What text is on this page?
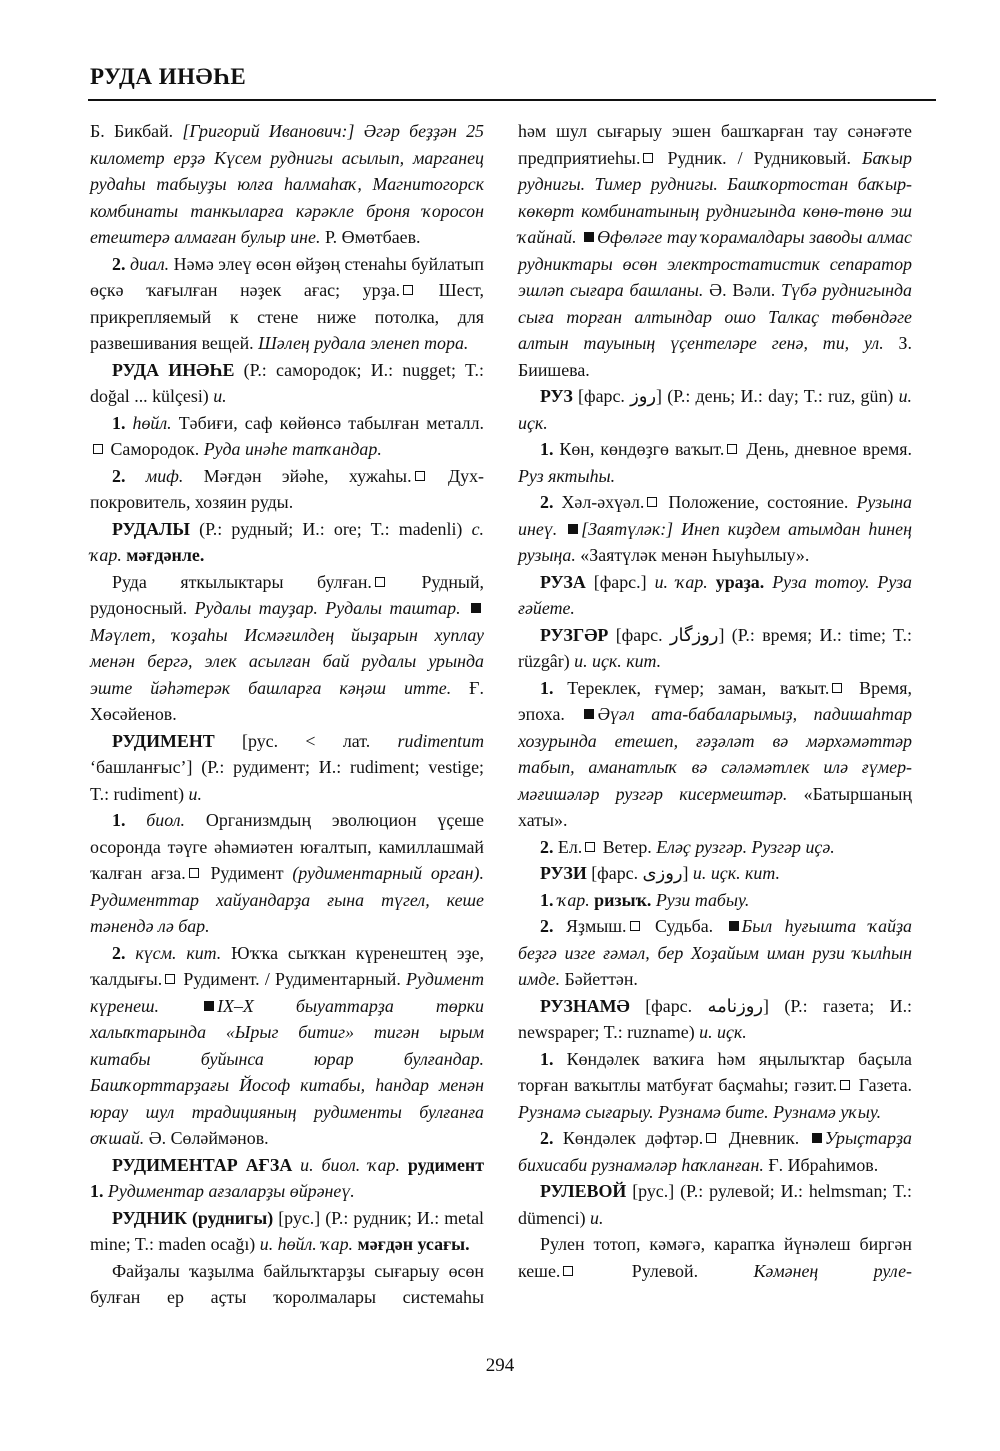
РУДА ИНӘҺЕ

Б. Бикбай. [Григорий Иванович:] Әгәр беҙҙән 25 километр ерҙә Күсем руднигы асылып, марганец рудаһы табыуҙы юлға һалмаһаҡ, Магнитогорск комбинаты танкыларға кәрәкле броня ҡоросон етештерә алмаған булыр ине. Р. Өмөтбаев.

2. диал. Нәмә элеү өсөн өйҙөң стенаһы буйлатып өҫкә ҡағылған нәҙек ағас; урҙа. Шест, прикрепляемый к стене ниже потолка, для развешивания вещей. Шәлең рудала эленеп тора.

РУДА ИНӘҺЕ (Р.: самородок; И.: nugget; T.: doğal ... külçesi) и.

1. һөйл. Тәбиғи, саф көйөнсә табылған металл. Самородок. Руда инәһе тапҡандар.

2. миф. Мәғдән эйәһе, хужаһы. Дух-покровитель, хозяин руды.

РУДАЛЫ (Р.: рудный; И.: ore; T.: madenli) с. ҡар. мәғдәнле.

Руда яткылыктары булған. Рудный, рудоносный. Рудалы тауҙар. Рудалы таштар. Мәүлет, ҡоҙаһы Исмәғилдең йыҙарын хуплау менән бергә, элек асылған бай рудалы урында эште йәһәтерәк башларға кәңәш итте. Ғ. Хөсәйенов.

РУДИМЕНТ [рус. < лат. rudimentum ‘башланғыс’] (Р.: рудимент; И.: rudiment; vestige; T.: rudiment) и.

1. биол. Организмдың эволюцион үҫеше осоронда тәүге әһәмиәтен юғалтып, камиллашмай ҡалған ағза. Рудимент (рудиментарный орган). Рудименттар хайуандарҙа ғына түгел, кеше тәнендә лә бар.

2. күсм. кит. Юҡҡа сыҡҡан күренештең эҙе, ҡалдығы. Рудимент. / Рудиментарный. Рудимент күренеш.	IX–X быуаттарҙа төрки халыҡтарында «Ырыг битиг» тигән ырым китабы буйынса юрар булғандар. Башҡорттарҙағы Йософ китабы, һандар менән юрау шул традицияның рудименты булғанға оҡшай. Ә. Сөләймәнов.

РУДИМЕНТАР АҒЗА и. биол. ҡар. рудимент 1. Рудиментар ағзаларҙы өйрәнеү.

РУДНИК (руднигы) [рус.] (Р.: рудник; И.: metal mine; T.: maden ocağı) и. һөйл. ҡар. мәғдән усағы.

Файҙалы ҡаҙылма байлыҡтарҙы сығарыу өсөн булған ер аҫты ҡоролмалары системаһы

һәм шул сығарыу эшен башҡарған тау сәнәғәте предприятиеһы. Рудник. / Рудниковый. Баҡыр руднигы. Тимер руднигы. Башҡортостан баҡыр-көкөрт комбинатының руднигында көнө-төнө эш ҡайнай. Өфөләге тау ҡорамалдары заводы алмас рудниктары өсөн электростатистик сепаратор эшләп сығара башланы. Ә. Вәли. Түбә руднигында сыға торған алтындар ошо Талкаҫ төбөндәге алтын тауының үҫентеләре генә, ти, ул. З. Биишева.

РУЗ [фарс. روز] (Р.: день; И.: day; T.: ruz, gün) и. иҫк.

1. Көн, көндөҙгө ваҡыт. День, дневное время. Руз яктыһы.

2. Хәл-әхүәл. Положение, состояние. Рузына инеү. [Заятүләк:] Инеп киҙдем атымдан һинең рузыңа. «Заятүләк менән Һыуһылыу».

РУЗА [фарс.] и. ҡар. ураҙа. Руза тотоу. Руза ғәйете.

РУЗГӘР [фарс. روزگار] (Р.: время; И.: time; T.: rüzgâr) и. иҫк. кит.

1. Тереклек, ғүмер; заман, ваҡыт. Время, эпоха. Әүәл ата-бабаларымыҙ, падишаһтар хозурында етешеп, ғәҙәләт вә мәрхәмәттәр табып, аманатлыҡ вә сәләмәтлек илә ғүмер-мәғишәләр рузгәр кисермештәр. «Батыршаның хаты».

2. Ел. Ветер. Еләҫ рузгәр. Рузгәр иҫә.

РУЗИ [фарс. روزی] и. иҫк. кит.

1. ҡар. ризыҡ. Рузи табыу.

2. Яҙмыш. Судьба. Был һуғышта ҡайҙа беҙгә изге ғәмәл, бер Хоҙайым иман рузи ҡылһын имде. Бәйеттән.

РУЗНАМӘ [фарс. روزنامه] (Р.: газета; И.: newspaper; T.: ruzname) и. иҫк.

1. Көндәлек ваҡиға һәм яңылыҡтар баҫыла торған ваҡытлы матбуғат баҫмаһы; гәзит. Газета. Рузнамә сығарыу. Рузнамә бите. Рузнамә уҡыу.

2. Көндәлек дәфтәр. Дневник. Урыҫтарҙа бихисаби рузнамәләр һаҡланған. Ғ. Ибраһимов.

РУЛЕВОЙ [рус.] (Р.: рулевой; И.: helmsman; T.: dümenci) и.

Рулен тотоп, кәмәгә, карапҡа йүнәлеш биргән кеше. Рулевой. Кәмәнең руле-

294
